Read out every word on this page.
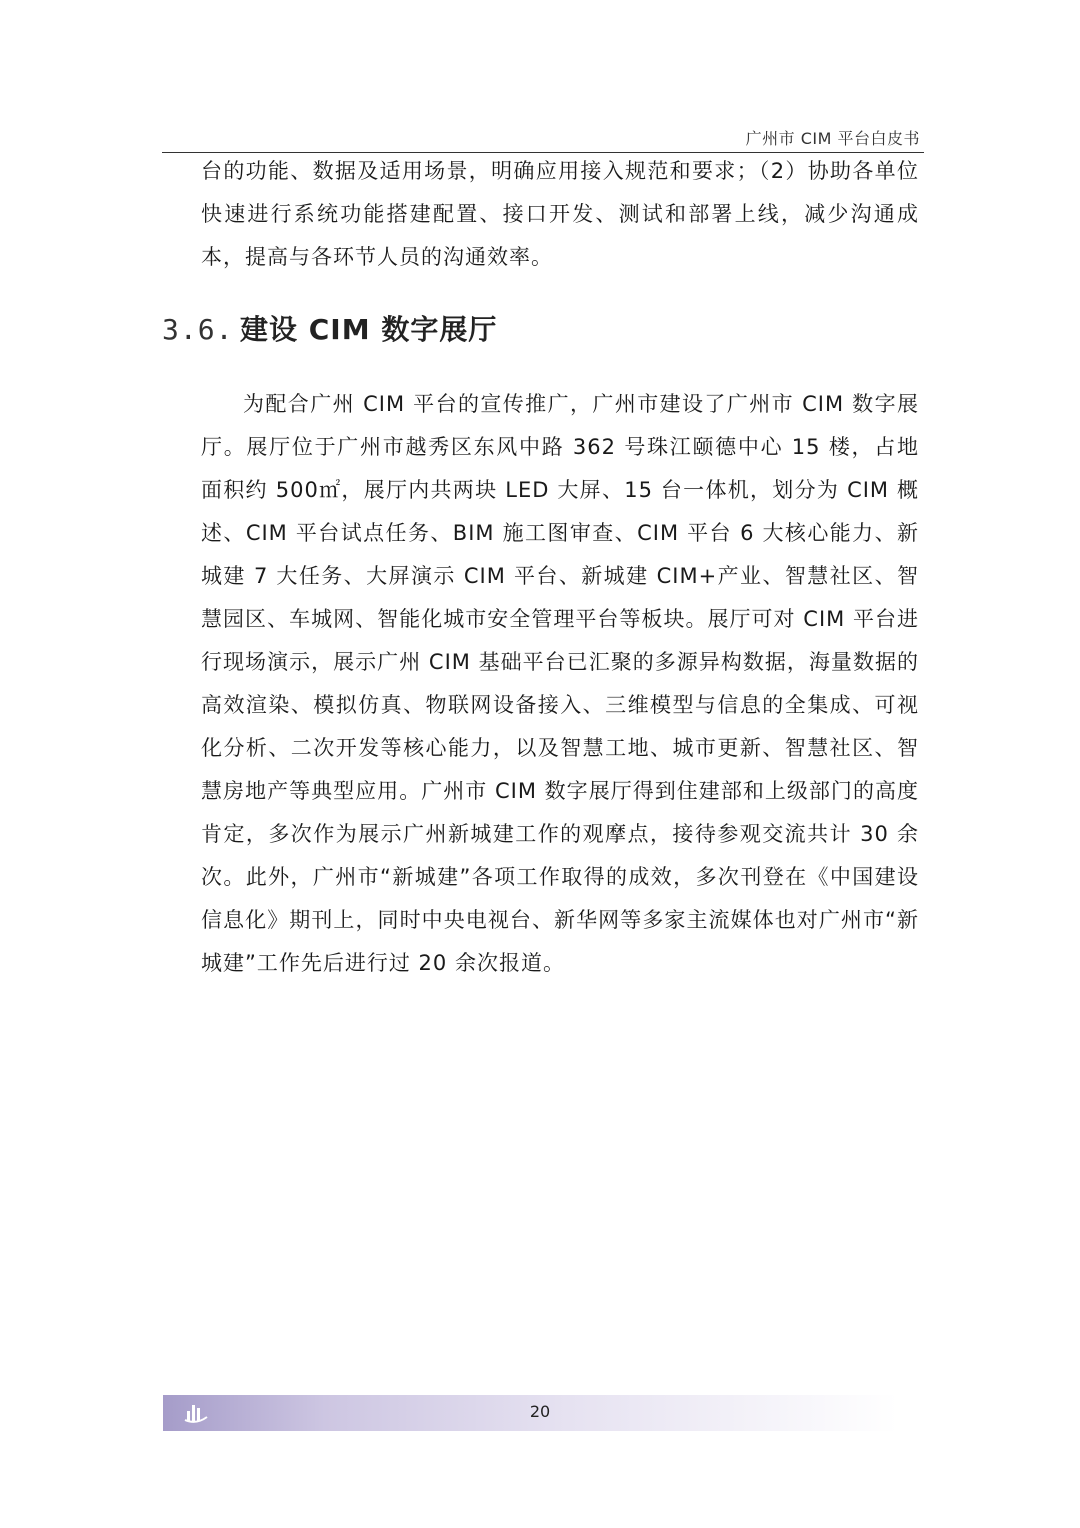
广州市 CIM 平台白皮书

台的功能、数据及适用场景，明确应用接入规范和要求；（2）协助各单位快速进行系统功能搭建配置、接口开发、测试和部署上线，减少沟通成本，提高与各环节人员的沟通效率。

3.6. 建设 CIM 数字展厅

为配合广州 CIM 平台的宣传推广，广州市建设了广州市 CIM 数字展厅。展厅位于广州市越秀区东风中路 362 号珠江颐德中心 15 楼，占地面积约 500㎡，展厅内共两块 LED 大屏、15 台一体机，划分为 CIM 概述、CIM 平台试点任务、BIM 施工图审查、CIM 平台 6 大核心能力、新城建 7 大任务、大屏演示 CIM 平台、新城建 CIM+产业、智慧社区、智慧园区、车城网、智能化城市安全管理平台等板块。展厅可对 CIM 平台进行现场演示，展示广州 CIM 基础平台已汇聚的多源异构数据，海量数据的高效渲染、模拟仿真、物联网设备接入、三维模型与信息的全集成、可视化分析、二次开发等核心能力，以及智慧工地、城市更新、智慧社区、智慧房地产等典型应用。广州市 CIM 数字展厅得到住建部和上级部门的高度肯定，多次作为展示广州新城建工作的观摩点，接待参观交流共计 30 余次。此外，广州市“新城建”各项工作取得的成效，多次刊登在《中国建设信息化》期刊上，同时中央电视台、新华网等多家主流媒体也对广州市“新城建”工作先后进行过 20 余次报道。

20
